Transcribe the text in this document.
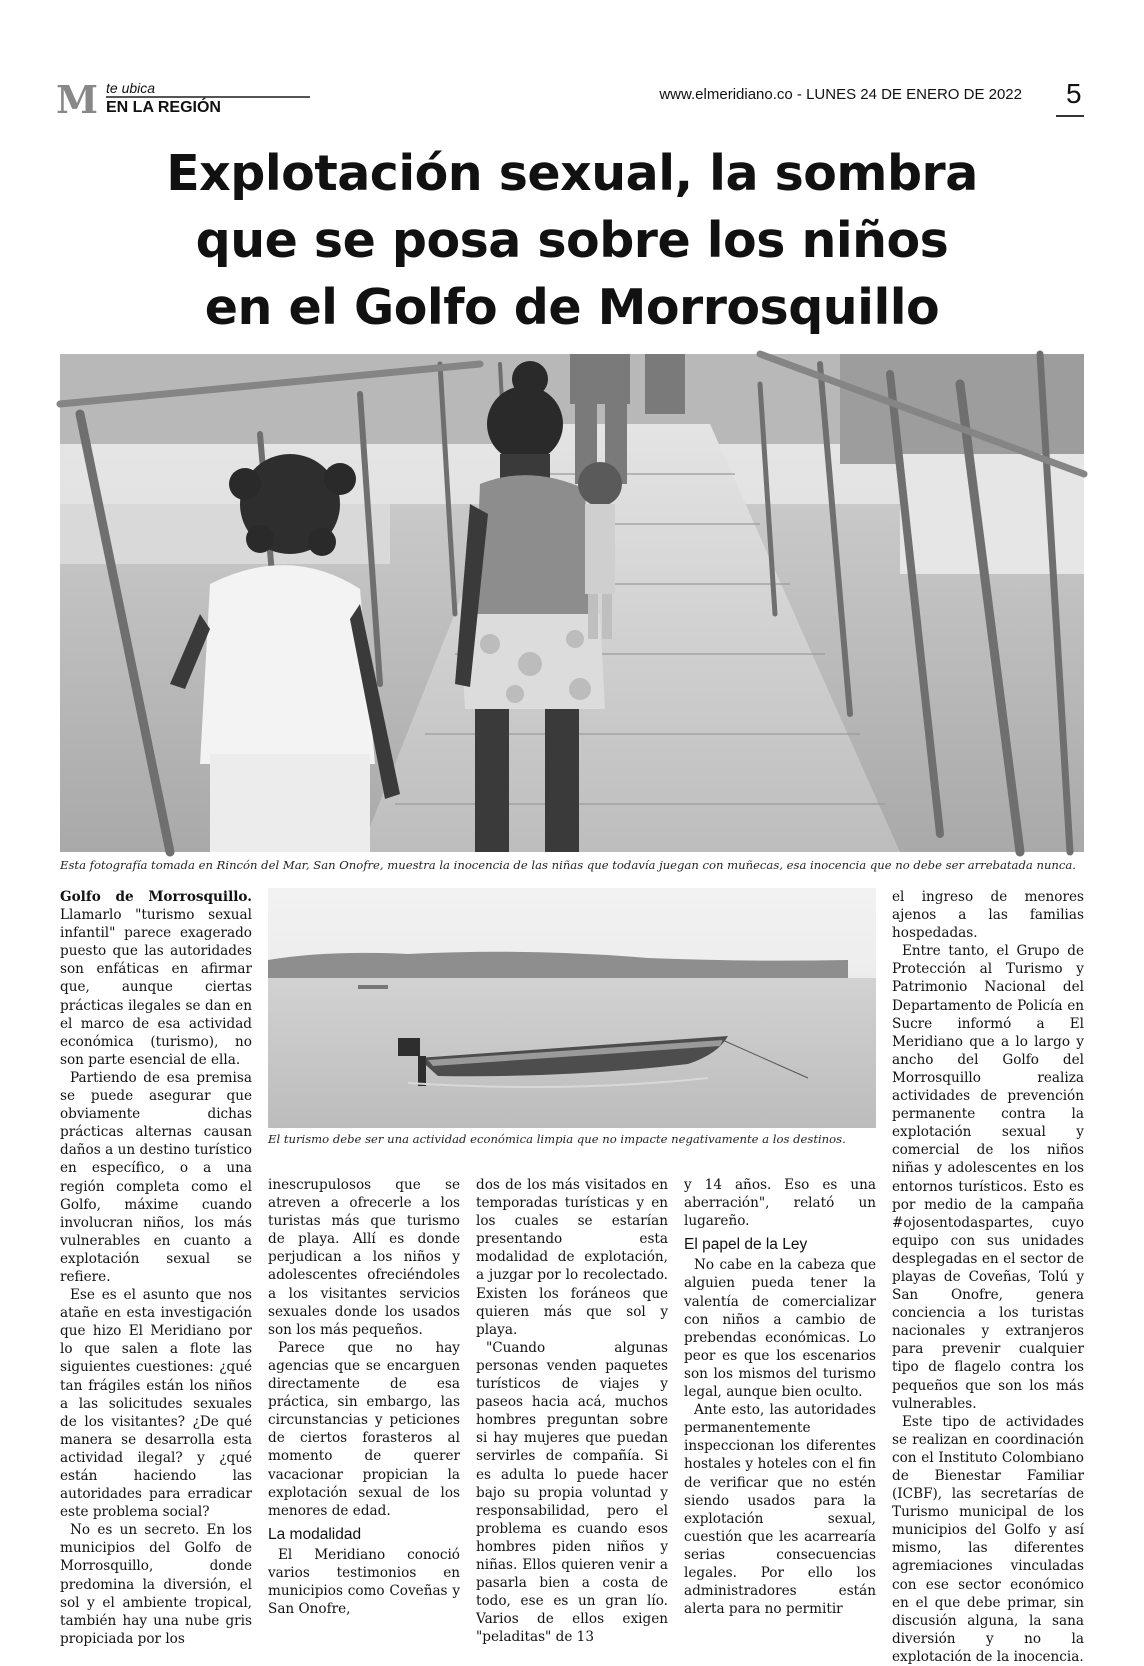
M te ubica
EN LA REGIÓN
www.elmeridiano.co - LUNES 24 DE ENERO DE 2022 5
Explotación sexual, la sombra
que se posa sobre los niños
en el Golfo de Morrosquillo
Esta fotografía tomada en Rincón del Mar, San Onofre, muestra la inocencia de las niñas que todavía juegan con muñecas, esa inocencia que no debe ser arrebatada nunca.
El turismo debe ser una actividad económica limpia que no impacte negativamente a los destinos.

Golfo de Morrosquillo. Llamarlo "turismo sexual infantil" parece exagerado puesto que las autoridades son enfáticas en afirmar que, aunque ciertas prácticas ilegales se dan en el marco de esa actividad económica (turismo), no son parte esencial de ella.

Partiendo de esa premisa se puede asegurar que obviamente dichas prácticas alternas causan daños a un destino turístico en específico, o a una región completa como el Golfo, máxime cuando involucran niños, los más vulnerables en cuanto a explotación sexual se refiere.

Ese es el asunto que nos atañe en esta investigación que hizo El Meridiano por lo que salen a flote las siguientes cuestiones: ¿qué tan frágiles están los niños a las solicitudes sexuales de los visitantes? ¿De qué manera se desarrolla esta actividad ilegal? y ¿qué están haciendo las autoridades para erradicar este problema social?

No es un secreto. En los municipios del Golfo de Morrosquillo, donde predomina la diversión, el sol y el ambiente tropical, también hay una nube gris propiciada por los

inescrupulosos que se atreven a ofrecerle a los turistas más que turismo de playa. Allí es donde perjudican a los niños y adolescentes ofreciéndoles a los visitantes servicios sexuales donde los usados son los más pequeños.

Parece que no hay agencias que se encarguen directamente de esa práctica, sin embargo, las circunstancias y peticiones de ciertos forasteros al momento de querer vacacionar propician la explotación sexual de los menores de edad.

La modalidad

El Meridiano conoció varios testimonios en municipios como Coveñas y San Onofre,

dos de los más visitados en temporadas turísticas y en los cuales se estarían presentando esta modalidad de explotación, a juzgar por lo recolectado. Existen los foráneos que quieren más que sol y playa.

"Cuando algunas personas venden paquetes turísticos de viajes y paseos hacia acá, muchos hombres preguntan sobre si hay mujeres que puedan servirles de compañía. Si es adulta lo puede hacer bajo su propia voluntad y responsabilidad, pero el problema es cuando esos hombres piden niños y niñas. Ellos quieren venir a pasarla bien a costa de todo, ese es un gran lío. Varios de ellos exigen "peladitas" de 13

y 14 años. Eso es una aberración", relató un lugareño.

El papel de la Ley

No cabe en la cabeza que alguien pueda tener la valentía de comercializar con niños a cambio de prebendas económicas. Lo peor es que los escenarios son los mismos del turismo legal, aunque bien oculto.

Ante esto, las autoridades permanentemente inspeccionan los diferentes hostales y hoteles con el fin de verificar que no estén siendo usados para la explotación sexual, cuestión que les acarrearía serias consecuencias legales. Por ello los administradores están alerta para no permitir

el ingreso de menores ajenos a las familias hospedadas.

Entre tanto, el Grupo de Protección al Turismo y Patrimonio Nacional del Departamento de Policía en Sucre informó a El Meridiano que a lo largo y ancho del Golfo del Morrosquillo realiza actividades de prevención permanente contra la explotación sexual y comercial de los niños niñas y adolescentes en los entornos turísticos. Esto es por medio de la campaña #ojosentodaspartes, cuyo equipo con sus unidades desplegadas en el sector de playas de Coveñas, Tolú y San Onofre, genera conciencia a los turistas nacionales y extranjeros para prevenir cualquier tipo de flagelo contra los pequeños que son los más vulnerables.

Este tipo de actividades se realizan en coordinación con el Instituto Colombiano de Bienestar Familiar (ICBF), las secretarías de Turismo municipal de los municipios del Golfo y así mismo, las diferentes agremiaciones vinculadas con ese sector económico en el que debe primar, sin discusión alguna, la sana diversión y no la explotación de la inocencia.
